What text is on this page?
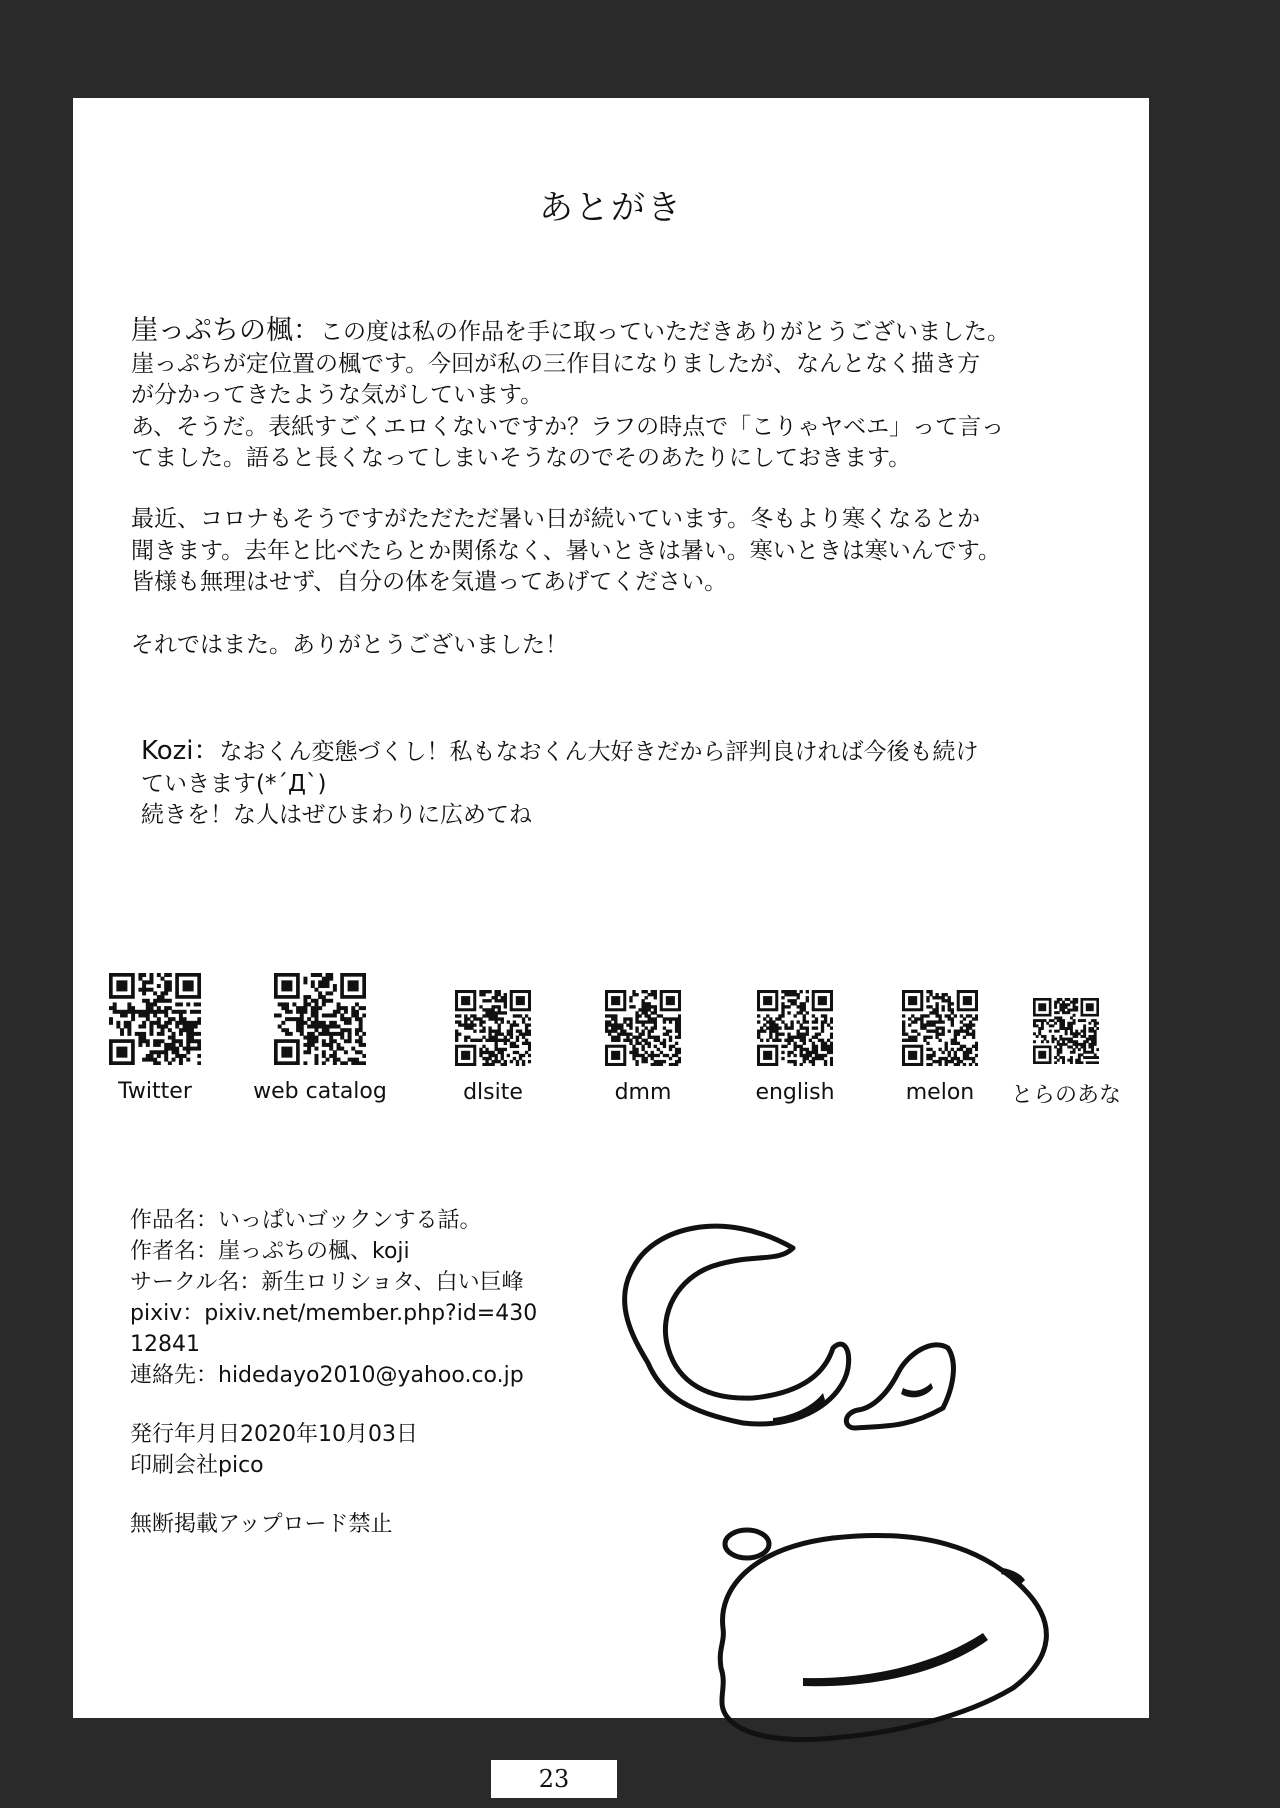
あとがき
崖っぷちの楓：この度は私の作品を手に取っていただきありがとうございました。
崖っぷちが定位置の楓です。今回が私の三作目になりましたが、なんとなく描き方
が分かってきたような気がしています。
あ、そうだ。表紙すごくエロくないですか？ラフの時点で「こりゃヤベエ」って言っ
てました。語ると長くなってしまいそうなのでそのあたりにしておきます。
最近、コロナもそうですがただただ暑い日が続いています。冬もより寒くなるとか
聞きます。去年と比べたらとか関係なく、暑いときは暑い。寒いときは寒いんです。
皆様も無理はせず、自分の体を気遣ってあげてください。
それではまた。ありがとうございました！
Kozi：なおくん変態づくし！私もなおくん大好きだから評判良ければ今後も続け
ていきます(*´Д`)
続きを！な人はぜひまわりに広めてね
Twitter	web catalog	dlsite	dmm	english	melon	とらのあな
作品名：いっぱいゴックンする話。
作者名：崖っぷちの楓、koji
サークル名：新生ロリショタ、白い巨峰
pixiv：pixiv.net/member.php?id=430
12841
連絡先：hidedayo2010@yahoo.co.jp
発行年月日2020年10月03日
印刷会社pico
無断掲載アップロード禁止
23
